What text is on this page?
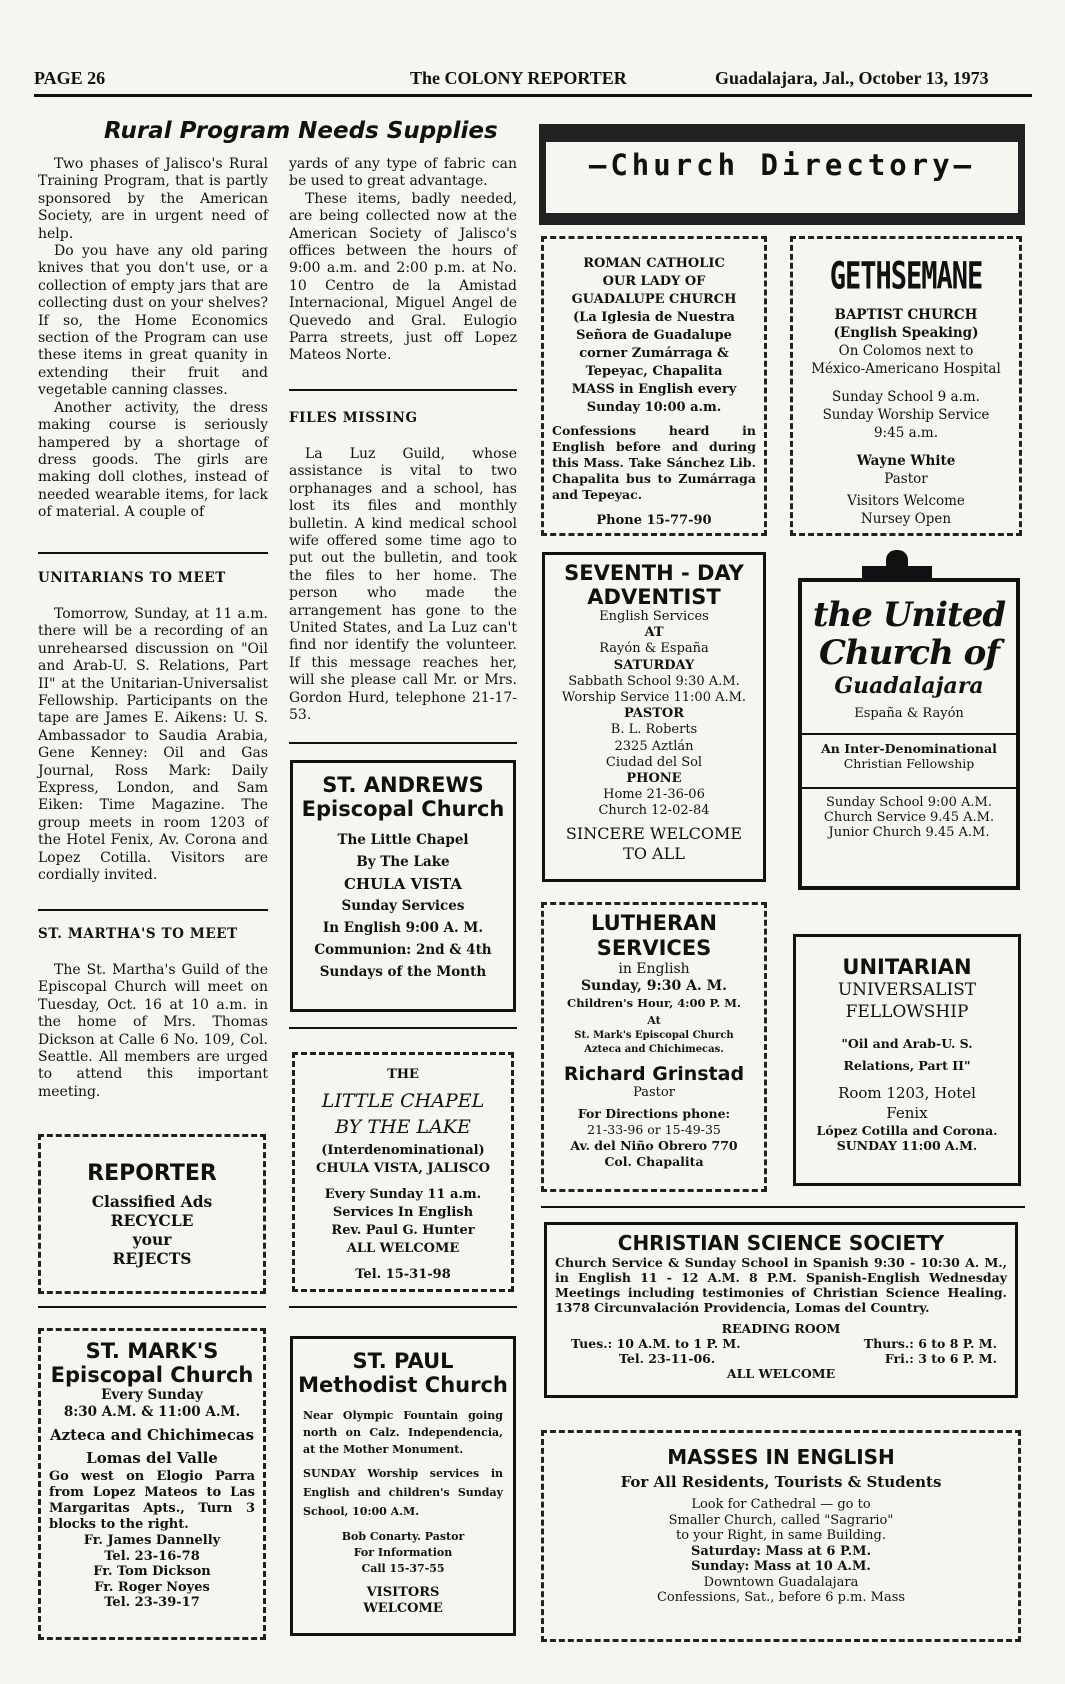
PAGE 26	The COLONY REPORTER	Guadalajara, Jal., October 13, 1973
Rural Program Needs Supplies

Two phases of Jalisco's Rural Training Program, that is partly sponsored by the American Society, are in urgent need of help.

Do you have any old paring knives that you don't use, or a collection of empty jars that are collecting dust on your shelves? If so, the Home Economics section of the Program can use these items in great quanity in extending their fruit and vegetable canning classes.

Another activity, the dress making course is seriously hampered by a shortage of dress goods. The girls are making doll clothes, instead of needed wearable items, for lack of material. A couple of

yards of any type of fabric can be used to great advantage.

These items, badly needed, are being collected now at the American Society of Jalisco's offices between the hours of 9:00 a.m. and 2:00 p.m. at No. 10 Centro de la Amistad Internacional, Miguel Angel de Quevedo and Gral. Eulogio Parra streets, just off Lopez Mateos Norte.

UNITARIANS TO MEET

Tomorrow, Sunday, at 11 a.m. there will be a recording of an unrehearsed discussion on "Oil and Arab-U. S. Relations, Part II" at the Unitarian-Universalist Fellowship. Participants on the tape are James E. Aikens: U. S. Ambassador to Saudia Arabia, Gene Kenney: Oil and Gas Journal, Ross Mark: Daily Express, London, and Sam Eiken: Time Magazine. The group meets in room 1203 of the Hotel Fenix, Av. Corona and Lopez Cotilla. Visitors are cordially invited.

ST. MARTHA'S TO MEET

The St. Martha's Guild of the Episcopal Church will meet on Tuesday, Oct. 16 at 10 a.m. in the home of Mrs. Thomas Dickson at Calle 6 No. 109, Col. Seattle. All members are urged to attend this important meeting.

FILES MISSING

La Luz Guild, whose assistance is vital to two orphanages and a school, has lost its files and monthly bulletin. A kind medical school wife offered some time ago to put out the bulletin, and took the files to her home. The person who made the arrangement has gone to the United States, and La Luz can't find nor identify the volunteer. If this message reaches her, will she please call Mr. or Mrs. Gordon Hurd, telephone 21-17-53.

REPORTER
Classified Ads
RECYCLE
your
REJECTS
ST. ANDREWS
Episcopal Church
The Little Chapel
By The Lake
CHULA VISTA
Sunday Services
In English 9:00 A. M.
Communion: 2nd & 4th
Sundays of the Month
THE
LITTLE CHAPEL
BY THE LAKE
(Interdenominational)
CHULA VISTA, JALISCO
Every Sunday 11 a.m.
Services In English
Rev. Paul G. Hunter
ALL WELCOME
Tel. 15-31-98
ST. MARK'S
Episcopal Church
Every Sunday
8:30 A.M. & 11:00 A.M.
Azteca and Chichimecas
Lomas del Valle
Go west on Elogio Parra from Lopez Mateos to Las Margaritas Apts., Turn 3 blocks to the right.
Fr. James Dannelly
Tel. 23-16-78
Fr. Tom Dickson
Fr. Roger Noyes
Tel. 23-39-17
ST. PAUL
Methodist Church
Near Olympic Fountain going north on Calz. Independencia, at the Mother Monument.
SUNDAY Worship services in English and children's Sunday School, 10:00 A.M.
Bob Conarty. Pastor
For Information
Call 15-37-55
VISITORS
WELCOME
—Church Directory—
ROMAN CATHOLIC
OUR LADY OF
GUADALUPE CHURCH
(La Iglesia de Nuestra
Señora de Guadalupe
corner Zumárraga &
Tepeyac, Chapalita
MASS in English every
Sunday 10:00 a.m.
Confessions heard in English before and during this Mass. Take Sánchez Lib. Chapalita bus to Zumárraga and Tepeyac.
Phone 15-77-90
GETHSEMANE
BAPTIST CHURCH
(English Speaking)
On Colomos next to
México-Americano Hospital
Sunday School 9 a.m.
Sunday Worship Service
9:45 a.m.
Wayne White
Pastor
Visitors Welcome
Nursey Open
SEVENTH - DAY
ADVENTIST
English Services
AT
Rayón & España
SATURDAY
Sabbath School 9:30 A.M.
Worship Service 11:00 A.M.
PASTOR
B. L. Roberts
2325 Aztlán
Ciudad del Sol
PHONE
Home 21-36-06
Church 12-02-84
SINCERE WELCOME
TO ALL
the United
Church of
Guadalajara
España & Rayón
An Inter-Denominational
Christian Fellowship
Sunday School 9:00 A.M.
Church Service 9.45 A.M.
Junior Church 9.45 A.M.
LUTHERAN
SERVICES
in English
Sunday, 9:30 A. M.
Children's Hour, 4:00 P. M.
At
St. Mark's Episcopal Church
Azteca and Chichimecas.
Richard Grinstad
Pastor
For Directions phone:
21-33-96 or 15-49-35
Av. del Niño Obrero 770
Col. Chapalita
UNITARIAN
UNIVERSALIST
FELLOWSHIP
"Oil and Arab-U. S.
Relations, Part II"
Room 1203, Hotel
Fenix
López Cotilla and Corona.
SUNDAY 11:00 A.M.
CHRISTIAN SCIENCE SOCIETY
Church Service & Sunday School in Spanish 9:30 - 10:30 A. M., in English 11 - 12 A.M. 8 P.M. Spanish-English Wednesday Meetings including testimonies of Christian Science Healing. 1378 Circunvalación Providencia, Lomas del Country.
READING ROOM
Tues.: 10 A.M. to 1 P. M.	Thurs.: 6 to 8 P. M.
Tel. 23-11-06.	Fri.: 3 to 6 P. M.
ALL WELCOME
MASSES IN ENGLISH
For All Residents, Tourists & Students
Look for Cathedral — go to
Smaller Church, called "Sagrario"
to your Right, in same Building.
Saturday: Mass at 6 P.M.
Sunday: Mass at 10 A.M.
Downtown Guadalajara
Confessions, Sat., before 6 p.m. Mass
